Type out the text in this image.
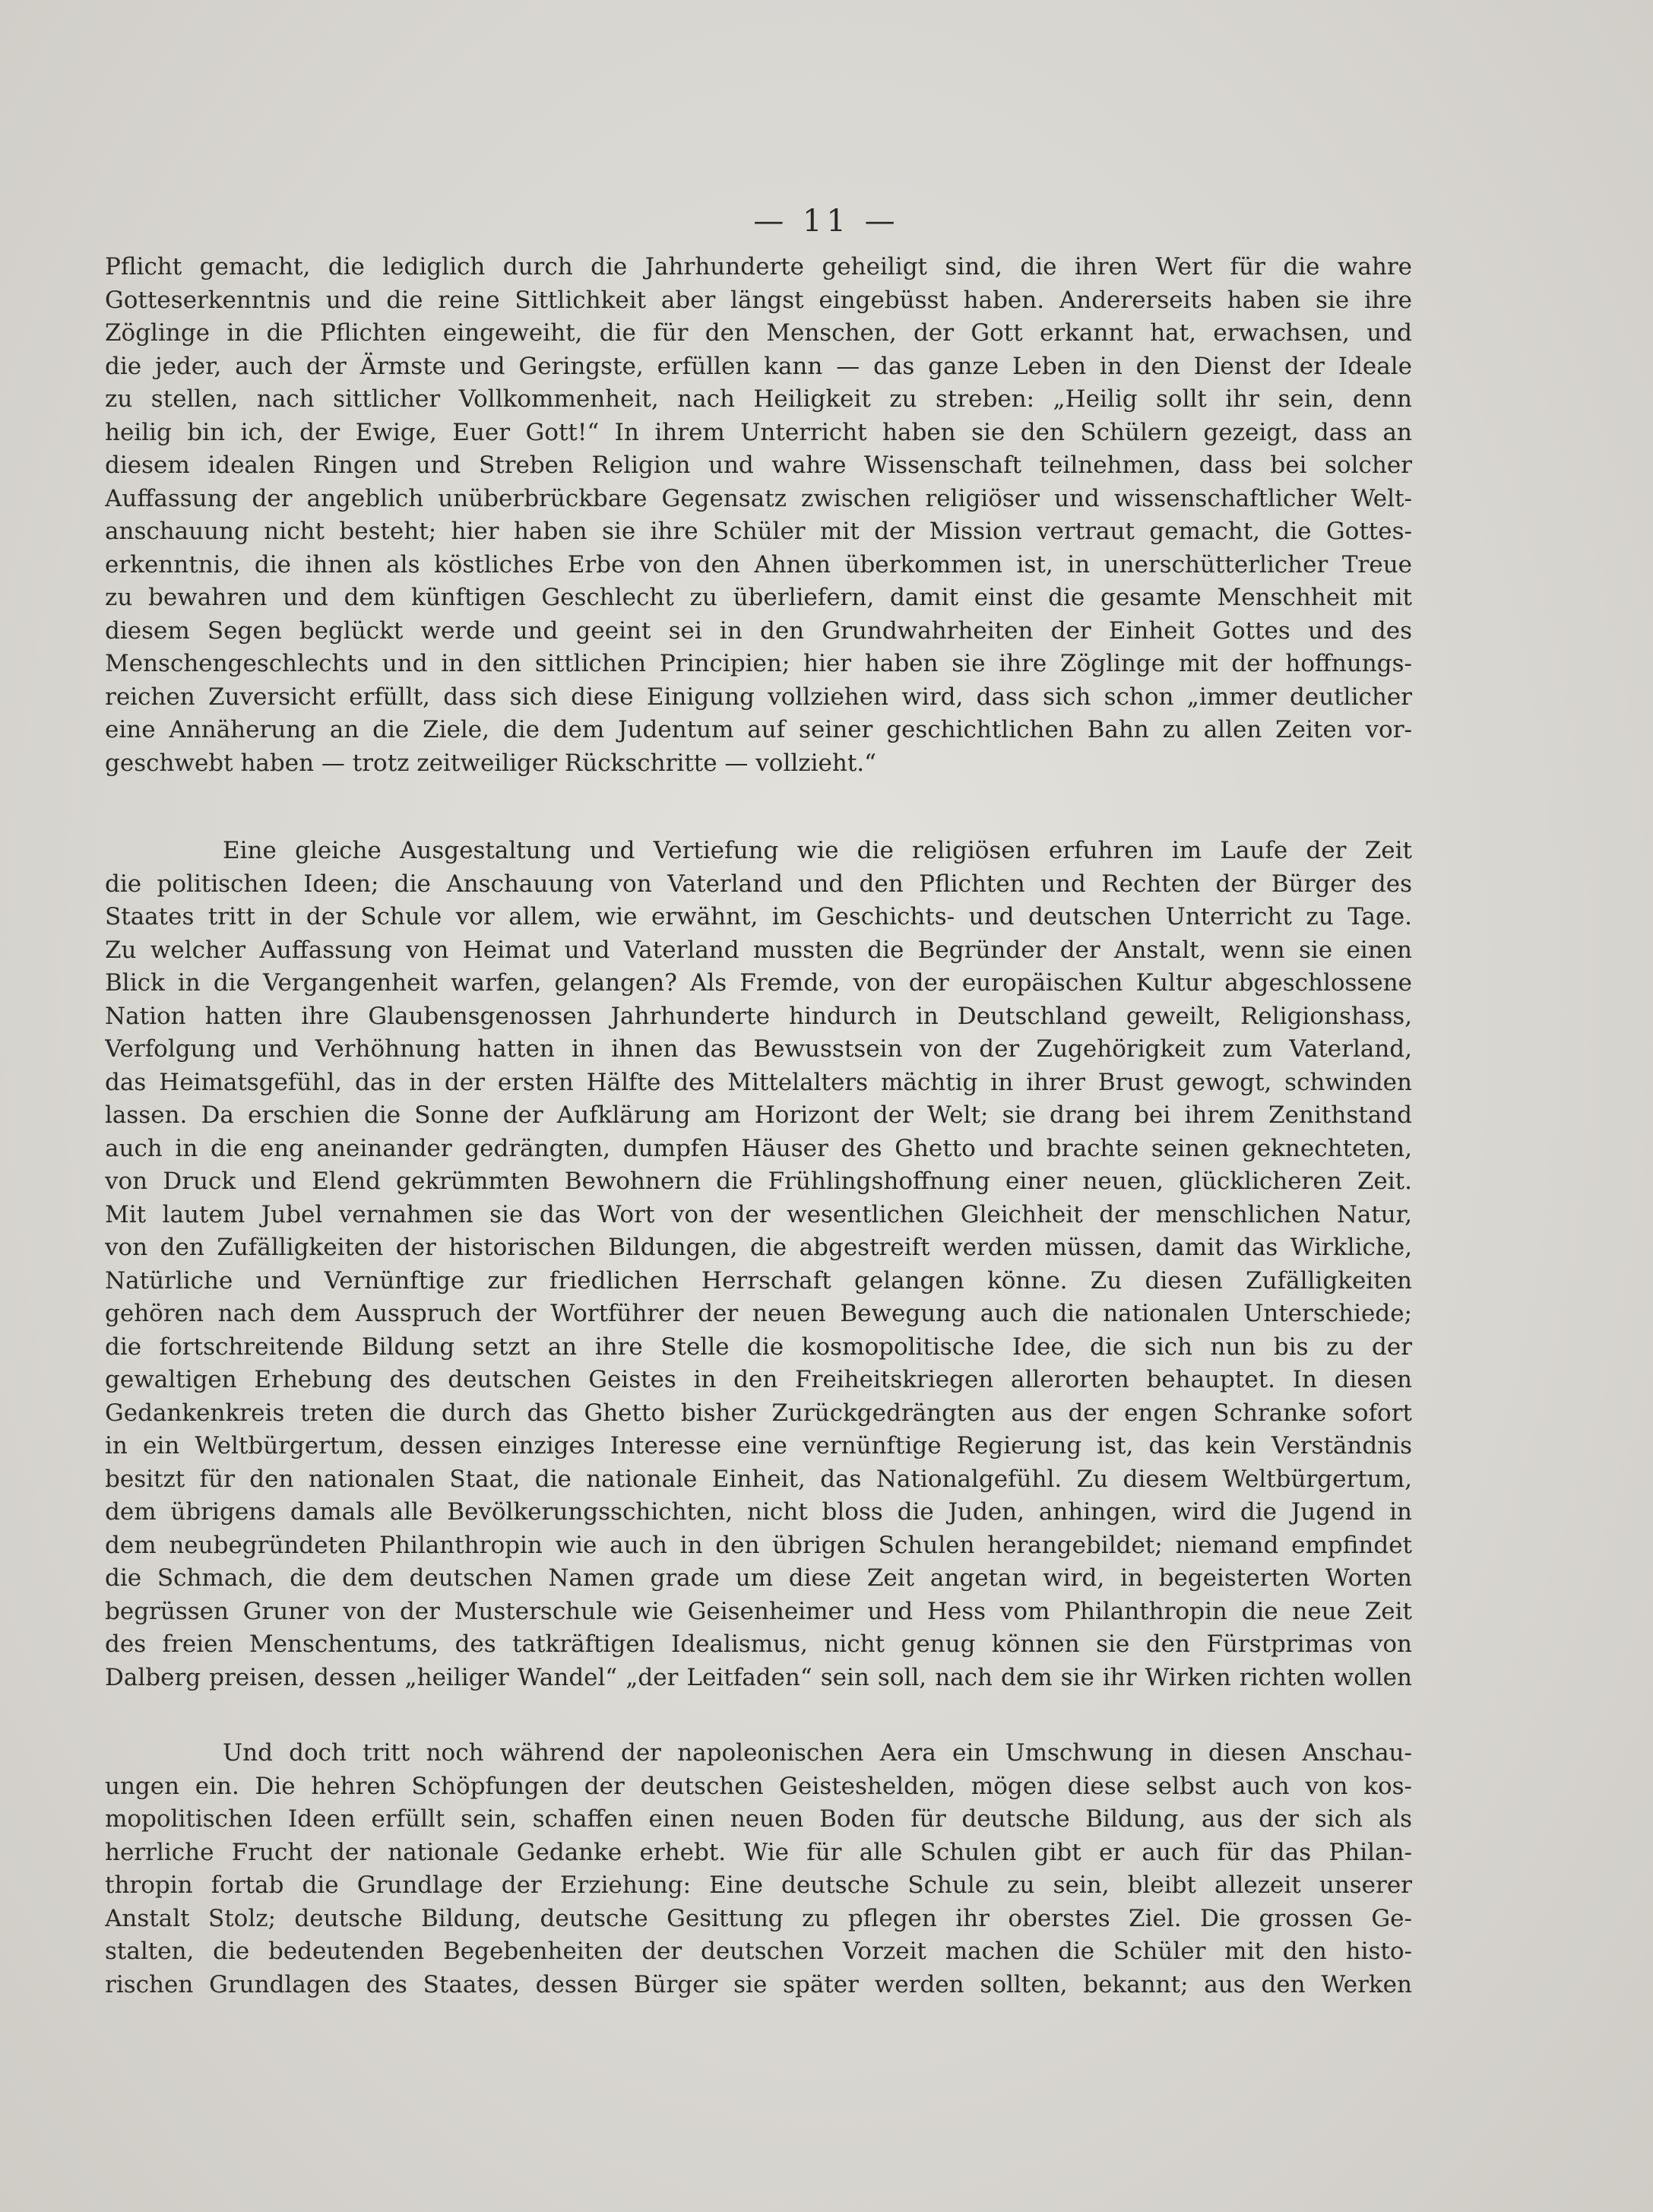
— 11 —
Pflicht gemacht, die lediglich durch die Jahrhunderte geheiligt sind, die ihren Wert für die wahre
Gotteserkenntnis und die reine Sittlichkeit aber längst eingebüsst haben. Andererseits haben sie ihre
Zöglinge in die Pflichten eingeweiht, die für den Menschen, der Gott erkannt hat, erwachsen, und
die jeder, auch der Ärmste und Geringste, erfüllen kann — das ganze Leben in den Dienst der Ideale
zu stellen, nach sittlicher Vollkommenheit, nach Heiligkeit zu streben: „Heilig sollt ihr sein, denn
heilig bin ich, der Ewige, Euer Gott!“ In ihrem Unterricht haben sie den Schülern gezeigt, dass an
diesem idealen Ringen und Streben Religion und wahre Wissenschaft teilnehmen, dass bei solcher
Auffassung der angeblich unüberbrückbare Gegensatz zwischen religiöser und wissenschaftlicher Welt-
anschauung nicht besteht; hier haben sie ihre Schüler mit der Mission vertraut gemacht, die Gottes-
erkenntnis, die ihnen als köstliches Erbe von den Ahnen überkommen ist, in unerschütterlicher Treue
zu bewahren und dem künftigen Geschlecht zu überliefern, damit einst die gesamte Menschheit mit
diesem Segen beglückt werde und geeint sei in den Grundwahrheiten der Einheit Gottes und des
Menschengeschlechts und in den sittlichen Principien; hier haben sie ihre Zöglinge mit der hoffnungs-
reichen Zuversicht erfüllt, dass sich diese Einigung vollziehen wird, dass sich schon „immer deutlicher
eine Annäherung an die Ziele, die dem Judentum auf seiner geschichtlichen Bahn zu allen Zeiten vor-
geschwebt haben — trotz zeitweiliger Rückschritte — vollzieht.“
Eine gleiche Ausgestaltung und Vertiefung wie die religiösen erfuhren im Laufe der Zeit
die politischen Ideen; die Anschauung von Vaterland und den Pflichten und Rechten der Bürger des
Staates tritt in der Schule vor allem, wie erwähnt, im Geschichts- und deutschen Unterricht zu Tage.
Zu welcher Auffassung von Heimat und Vaterland mussten die Begründer der Anstalt, wenn sie einen
Blick in die Vergangenheit warfen, gelangen? Als Fremde, von der europäischen Kultur abgeschlossene
Nation hatten ihre Glaubensgenossen Jahrhunderte hindurch in Deutschland geweilt, Religionshass,
Verfolgung und Verhöhnung hatten in ihnen das Bewusstsein von der Zugehörigkeit zum Vaterland,
das Heimatsgefühl, das in der ersten Hälfte des Mittelalters mächtig in ihrer Brust gewogt, schwinden
lassen. Da erschien die Sonne der Aufklärung am Horizont der Welt; sie drang bei ihrem Zenithstand
auch in die eng aneinander gedrängten, dumpfen Häuser des Ghetto und brachte seinen geknechteten,
von Druck und Elend gekrümmten Bewohnern die Frühlingshoffnung einer neuen, glücklicheren Zeit.
Mit lautem Jubel vernahmen sie das Wort von der wesentlichen Gleichheit der menschlichen Natur,
von den Zufälligkeiten der historischen Bildungen, die abgestreift werden müssen, damit das Wirkliche,
Natürliche und Vernünftige zur friedlichen Herrschaft gelangen könne. Zu diesen Zufälligkeiten
gehören nach dem Ausspruch der Wortführer der neuen Bewegung auch die nationalen Unterschiede;
die fortschreitende Bildung setzt an ihre Stelle die kosmopolitische Idee, die sich nun bis zu der
gewaltigen Erhebung des deutschen Geistes in den Freiheitskriegen allerorten behauptet. In diesen
Gedankenkreis treten die durch das Ghetto bisher Zurückgedrängten aus der engen Schranke sofort
in ein Weltbürgertum, dessen einziges Interesse eine vernünftige Regierung ist, das kein Verständnis
besitzt für den nationalen Staat, die nationale Einheit, das Nationalgefühl. Zu diesem Weltbürgertum,
dem übrigens damals alle Bevölkerungsschichten, nicht bloss die Juden, anhingen, wird die Jugend in
dem neubegründeten Philanthropin wie auch in den übrigen Schulen herangebildet; niemand empfindet
die Schmach, die dem deutschen Namen grade um diese Zeit angetan wird, in begeisterten Worten
begrüssen Gruner von der Musterschule wie Geisenheimer und Hess vom Philanthropin die neue Zeit
des freien Menschentums, des tatkräftigen Idealismus, nicht genug können sie den Fürstprimas von
Dalberg preisen, dessen „heiliger Wandel“ „der Leitfaden“ sein soll, nach dem sie ihr Wirken richten wollen
Und doch tritt noch während der napoleonischen Aera ein Umschwung in diesen Anschau-
ungen ein. Die hehren Schöpfungen der deutschen Geisteshelden, mögen diese selbst auch von kos-
mopolitischen Ideen erfüllt sein, schaffen einen neuen Boden für deutsche Bildung, aus der sich als
herrliche Frucht der nationale Gedanke erhebt. Wie für alle Schulen gibt er auch für das Philan-
thropin fortab die Grundlage der Erziehung: Eine deutsche Schule zu sein, bleibt allezeit unserer
Anstalt Stolz; deutsche Bildung, deutsche Gesittung zu pflegen ihr oberstes Ziel. Die grossen Ge-
stalten, die bedeutenden Begebenheiten der deutschen Vorzeit machen die Schüler mit den histo-
rischen Grundlagen des Staates, dessen Bürger sie später werden sollten, bekannt; aus den Werken
